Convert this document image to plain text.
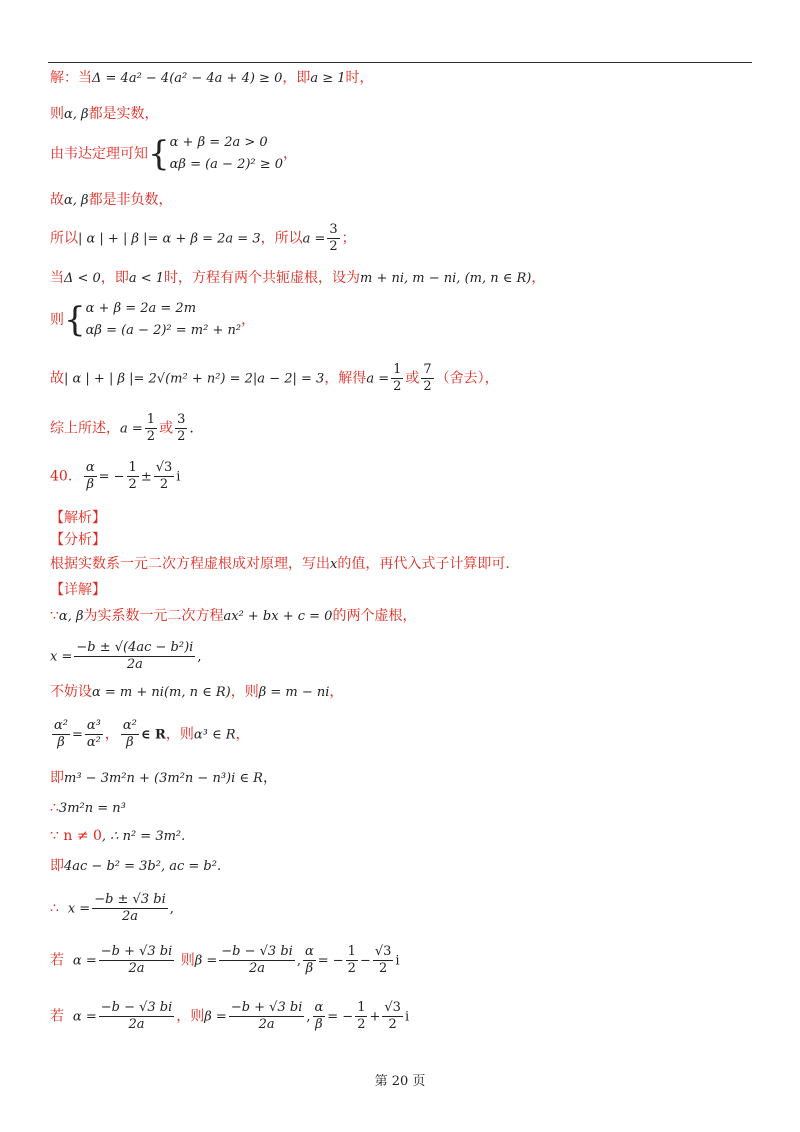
解：当Δ = 4a² − 4(a² − 4a + 4) ≥ 0，即a ≥ 1时，
则α, β都是实数，
由韦达定理可知{ α + β = 2a > 0
αβ = (a − 2)² ≥ 0
，
故α, β都是非负数，
所以| α | + | β |= α + β = 2a = 3，所以$a = \frac{3}{2}$ ；
当Δ < 0，即a < 1时，方程有两个共轭虚根，设为m + ni, m − ni, (m, n ∈ R)，
则{ α + β = 2a = 2m
αβ = (a − 2)² = m² + n²
，
故| α | + | β |= 2√(m² + n²) = 2|a − 2| = 3，解得$a = \frac{1}{2}$ 或 $\frac{7}{2}$ （舍去），
综上所述，$a = \frac{1}{2}$ 或 $\frac{3}{2}$ .
40． $\frac{\alpha}{\beta}$ = − $\frac{1}{2} \pm \frac{√3}{2}$ i
【解析】
【分析】
根据实数系一元二次方程虚根成对原理，写出x的值，再代入式子计算即可.
【详解】
∵α, β为实系数一元二次方程ax² + bx + c = 0的两个虚根，
$x = \frac{\text{−b ± √(4ac − b²)i}}{2a}$ ,
不妨设α = m + ni(m, n ∈ R)，则β = m − ni，
$\frac{\text{α²}}{\beta} = \frac{\text{α³}}{\text{α²}}$ ， $\frac{\text{α²}}{\beta}$ ∈ R，则α³ ∈ R，
即m³ − 3m²n + (3m²n − n³)i ∈ R，
∴3m²n = n³
∵ n ≠ 0, ∴ n² = 3m².
即4ac − b² = 3b², ac = b².
∴ $x = \frac{-b \pm √3 bi}{2a}$ ,
若 $\alpha = \frac{-b + √3 bi}{2a}$ 则$\beta = \frac{-b - √3 bi}{2a}$ , $\frac{\alpha}{\beta}$ = − $\frac{1}{2} - \frac{√3}{2}$ i
若 $\alpha = \frac{-b - √3 bi}{2a}$ ，则$\beta = \frac{-b + √3 bi}{2a}$ , $\frac{\alpha}{\beta}$ = − $\frac{1}{2} + \frac{√3}{2}$ i
第 20 页
